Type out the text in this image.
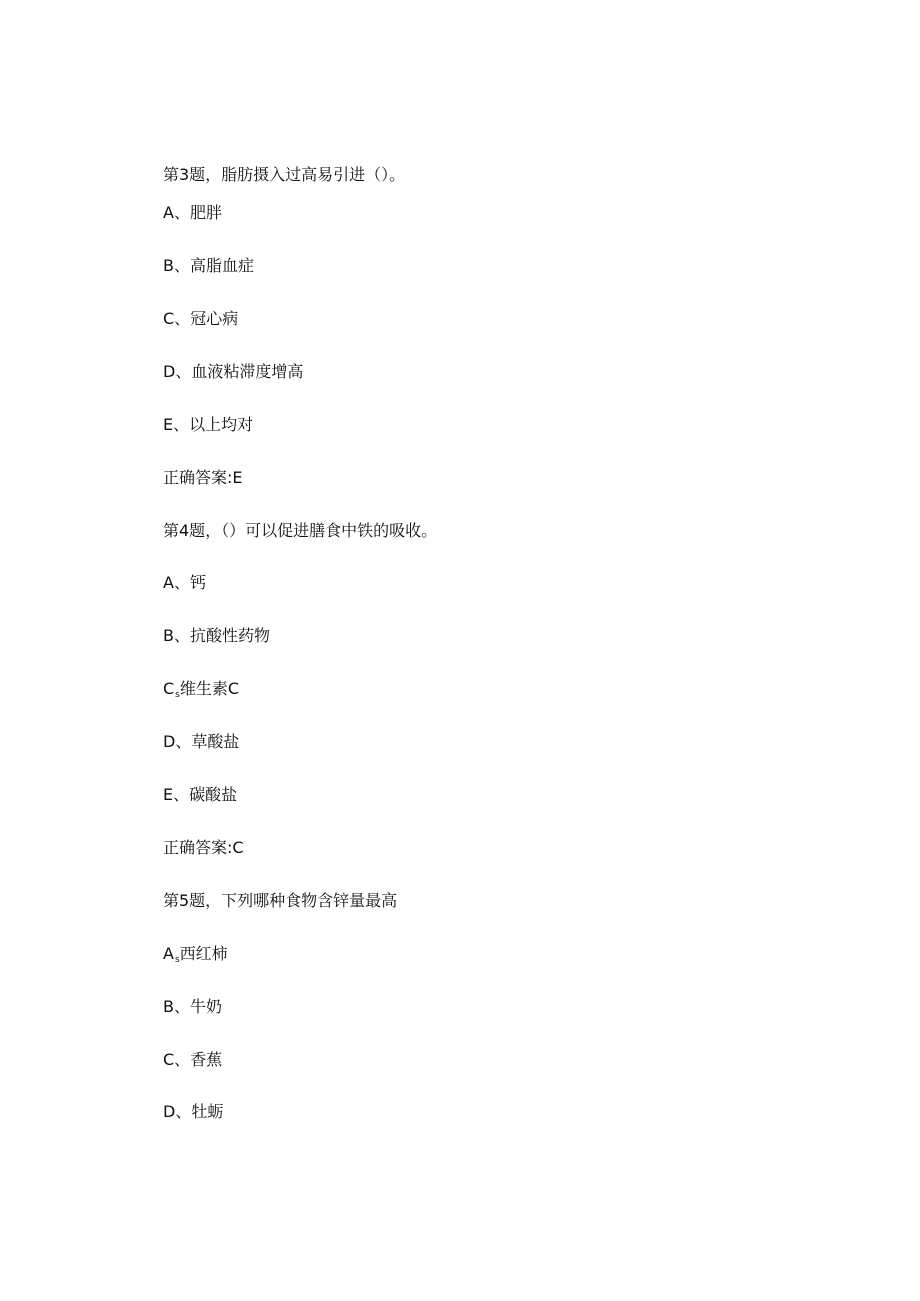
第3题，脂肪摄入过高易引进（）。
A、肥胖
B、高脂血症
C、冠心病
D、血液粘滞度增高
E、以上均对
正确答案:E
第4题，（）可以促进膳食中铁的吸收。
A、钙
B、抗酸性药物
$C_s$维生素C
D、草酸盐
E、碳酸盐
正确答案:C
第5题，下列哪种食物含锌量最高
$A_s$西红柿
B、牛奶
C、香蕉
D、牡蛎
